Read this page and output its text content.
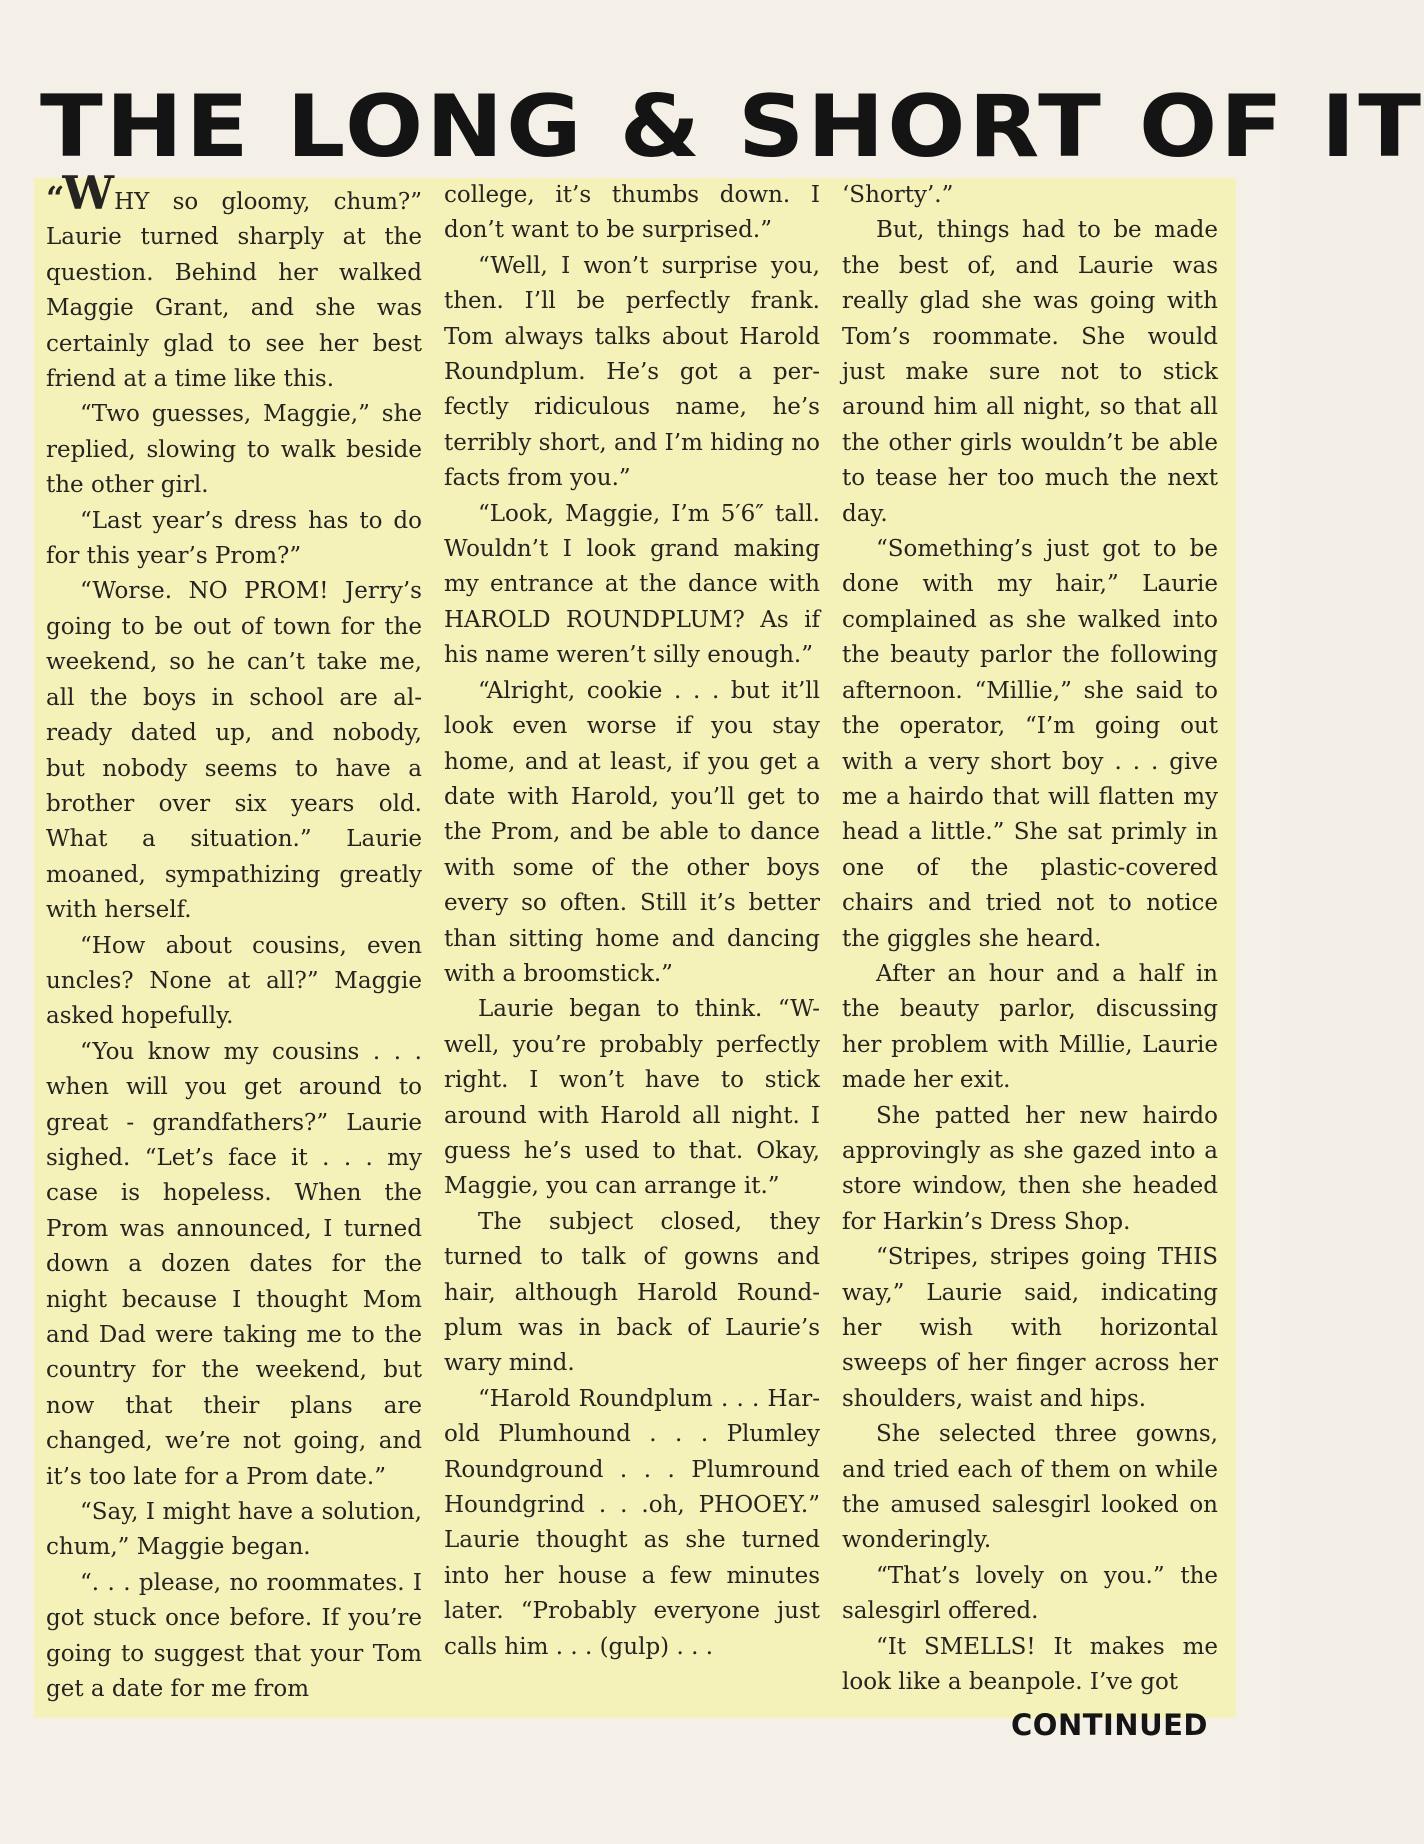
THE LONG & SHORT OF IT

“WHY so gloomy, chum?” Laurie turned sharply at the question. Behind her walked Maggie Grant, and she was certainly glad to see her best friend at a time like this.

“Two guesses, Maggie,” she replied, slowing to walk beside the other girl.

“Last year’s dress has to do for this year’s Prom?”

“Worse. NO PROM! Jerry’s going to be out of town for the weekend, so he can’t take me, all the boys in school are already dated up, and nobody, but nobody seems to have a brother over six years old. What a situation.” Laurie moaned, sympathizing greatly with herself.

“How about cousins, even uncles? None at all?” Maggie asked hopefully.

“You know my cousins . . . when will you get around to great - grandfathers?” Laurie sighed. “Let’s face it . . . my case is hopeless. When the Prom was announced, I turned down a dozen dates for the night because I thought Mom and Dad were taking me to the country for the weekend, but now that their plans are changed, we’re not going, and it’s too late for a Prom date.”

“Say, I might have a solution, chum,” Maggie began.

“. . . please, no roommates. I got stuck once before. If you’re going to suggest that your Tom get a date for me from

college, it’s thumbs down. I don’t want to be surprised.”

“Well, I won’t surprise you, then. I’ll be perfectly frank. Tom always talks about Harold Roundplum. He’s got a perfectly ridiculous name, he’s terribly short, and I’m hiding no facts from you.”

“Look, Maggie, I’m 5′6″ tall. Wouldn’t I look grand making my entrance at the dance with HAROLD ROUNDPLUM? As if his name weren’t silly enough.”

“Alright, cookie . . . but it’ll look even worse if you stay home, and at least, if you get a date with Harold, you’ll get to the Prom, and be able to dance with some of the other boys every so often. Still it’s better than sitting home and dancing with a broomstick.”

Laurie began to think. “W-well, you’re probably perfectly right. I won’t have to stick around with Harold all night. I guess he’s used to that. Okay, Maggie, you can arrange it.”

The subject closed, they turned to talk of gowns and hair, although Harold Roundplum was in back of Laurie’s wary mind.

“Harold Roundplum . . . Harold Plumhound . . . Plumley Roundground . . . Plumround Houndgrind . . .oh, PHOOEY.” Laurie thought as she turned into her house a few minutes later. “Probably everyone just calls him . . . (gulp) . . .

‘Shorty’.”

But, things had to be made the best of, and Laurie was really glad she was going with Tom’s roommate. She would just make sure not to stick around him all night, so that all the other girls wouldn’t be able to tease her too much the next day.

“Something’s just got to be done with my hair,” Laurie complained as she walked into the beauty parlor the following afternoon. “Millie,” she said to the operator, “I’m going out with a very short boy . . . give me a hairdo that will flatten my head a little.” She sat primly in one of the plastic-covered chairs and tried not to notice the giggles she heard.

After an hour and a half in the beauty parlor, discussing her problem with Millie, Laurie made her exit.

She patted her new hairdo approvingly as she gazed into a store window, then she headed for Harkin’s Dress Shop.

“Stripes, stripes going THIS way,” Laurie said, indicating her wish with horizontal sweeps of her finger across her shoulders, waist and hips.

She selected three gowns, and tried each of them on while the amused salesgirl looked on wonderingly.

“That’s lovely on you.” the salesgirl offered.

“It SMELLS! It makes me look like a beanpole. I’ve got

CONTINUED
